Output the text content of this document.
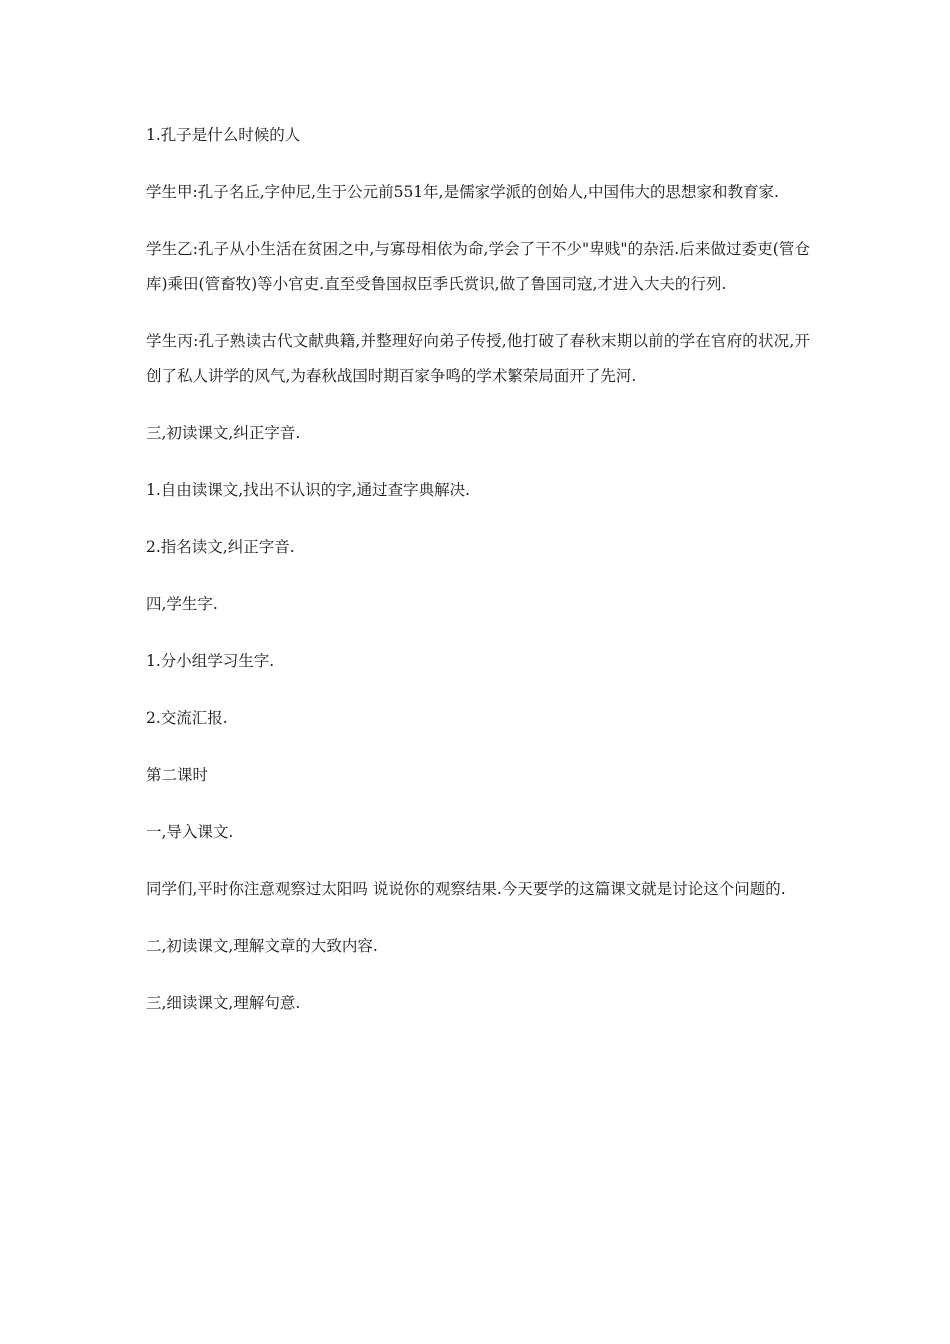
1.孔子是什么时候的人

学生甲:孔子名丘,字仲尼,生于公元前551年,是儒家学派的创始人,中国伟大的思想家和教育家.

学生乙:孔子从小生活在贫困之中,与寡母相依为命,学会了干不少"卑贱"的杂活.后来做过委吏(管仓库)乘田(管畜牧)等小官吏.直至受鲁国叔臣季氏赏识,做了鲁国司寇,才进入大夫的行列.

学生丙:孔子熟读古代文献典籍,并整理好向弟子传授,他打破了春秋末期以前的学在官府的状况,开创了私人讲学的风气,为春秋战国时期百家争鸣的学术繁荣局面开了先河.

三,初读课文,纠正字音.

1.自由读课文,找出不认识的字,通过查字典解决.

2.指名读文,纠正字音.

四,学生字.

1.分小组学习生字.

2.交流汇报.

第二课时

一,导入课文.

同学们,平时你注意观察过太阳吗 说说你的观察结果.今天要学的这篇课文就是讨论这个问题的.

二,初读课文,理解文章的大致内容.

三,细读课文,理解句意.
